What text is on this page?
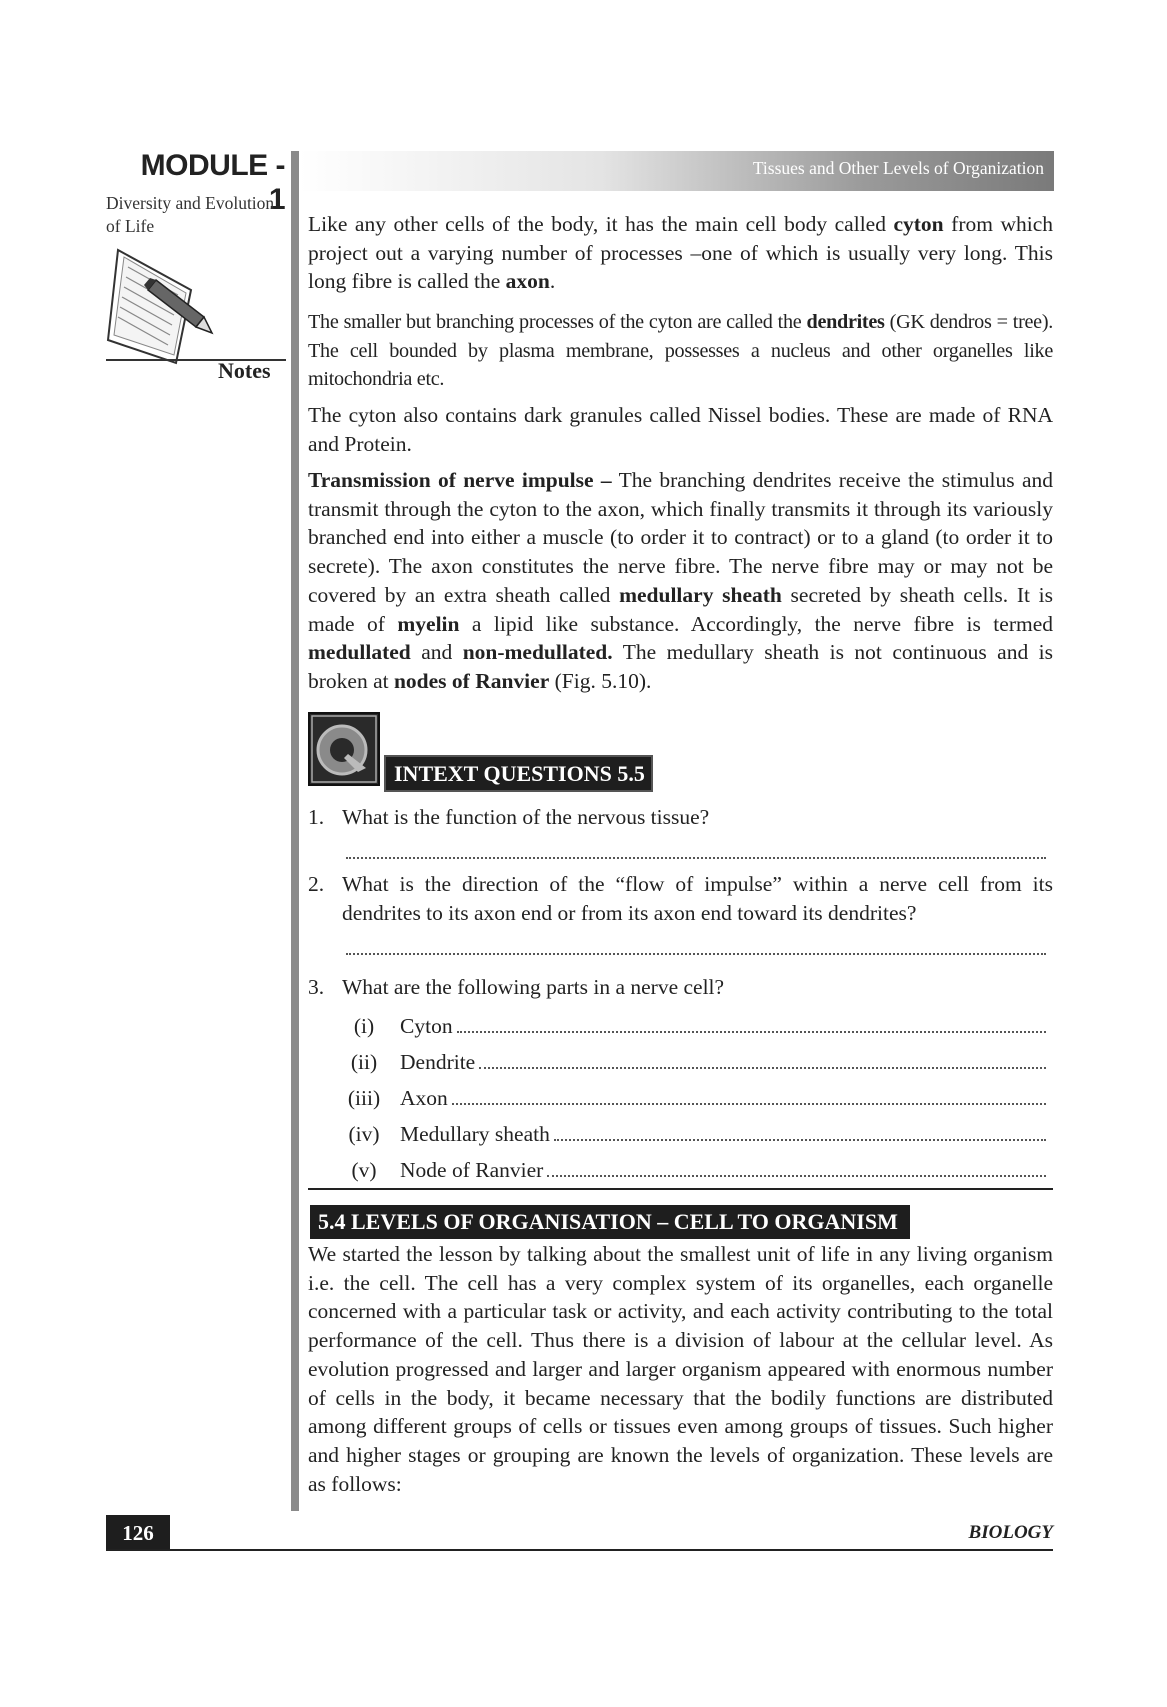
MODULE - 1
Diversity and Evolution of Life
Notes
Tissues and Other Levels of Organization
Like any other cells of the body, it has the main cell body called cyton from which project out a varying number of processes –one of which is usually very long. This long fibre is called the axon.
The smaller but branching processes of the cyton are called the dendrites (GK dendros = tree). The cell bounded by plasma membrane, possesses a nucleus and other organelles like mitochondria etc.
The cyton also contains dark granules called Nissel bodies. These are made of RNA and Protein.
Transmission of nerve impulse – The branching dendrites receive the stimulus and transmit through the cyton to the axon, which finally transmits it through its variously branched end into either a muscle (to order it to contract) or to a gland (to order it to secrete). The axon constitutes the nerve fibre. The nerve fibre may or may not be covered by an extra sheath called medullary sheath secreted by sheath cells. It is made of myelin a lipid like substance. Accordingly, the nerve fibre is termed medullated and non-medullated. The medullary sheath is not continuous and is broken at nodes of Ranvier (Fig. 5.10).
INTEXT QUESTIONS 5.5
1. What is the function of the nervous tissue?
2. What is the direction of the “flow of impulse” within a nerve cell from its dendrites to its axon end or from its axon end toward its dendrites?
3. What are the following parts in a nerve cell?
(i)	Cyton
(ii)	Dendrite
(iii) Axon
(iv) Medullary sheath
(v)	Node of Ranvier
5.4 LEVELS OF ORGANISATION – CELL TO ORGANISM
We started the lesson by talking about the smallest unit of life in any living organism i.e. the cell. The cell has a very complex system of its organelles, each organelle concerned with a particular task or activity, and each activity contributing to the total performance of the cell. Thus there is a division of labour at the cellular level. As evolution progressed and larger and larger organism appeared with enormous number of cells in the body, it became necessary that the bodily functions are distributed among different groups of cells or tissues even among groups of tissues. Such higher and higher stages or grouping are known the levels of organization. These levels are as follows:
126	BIOLOGY
